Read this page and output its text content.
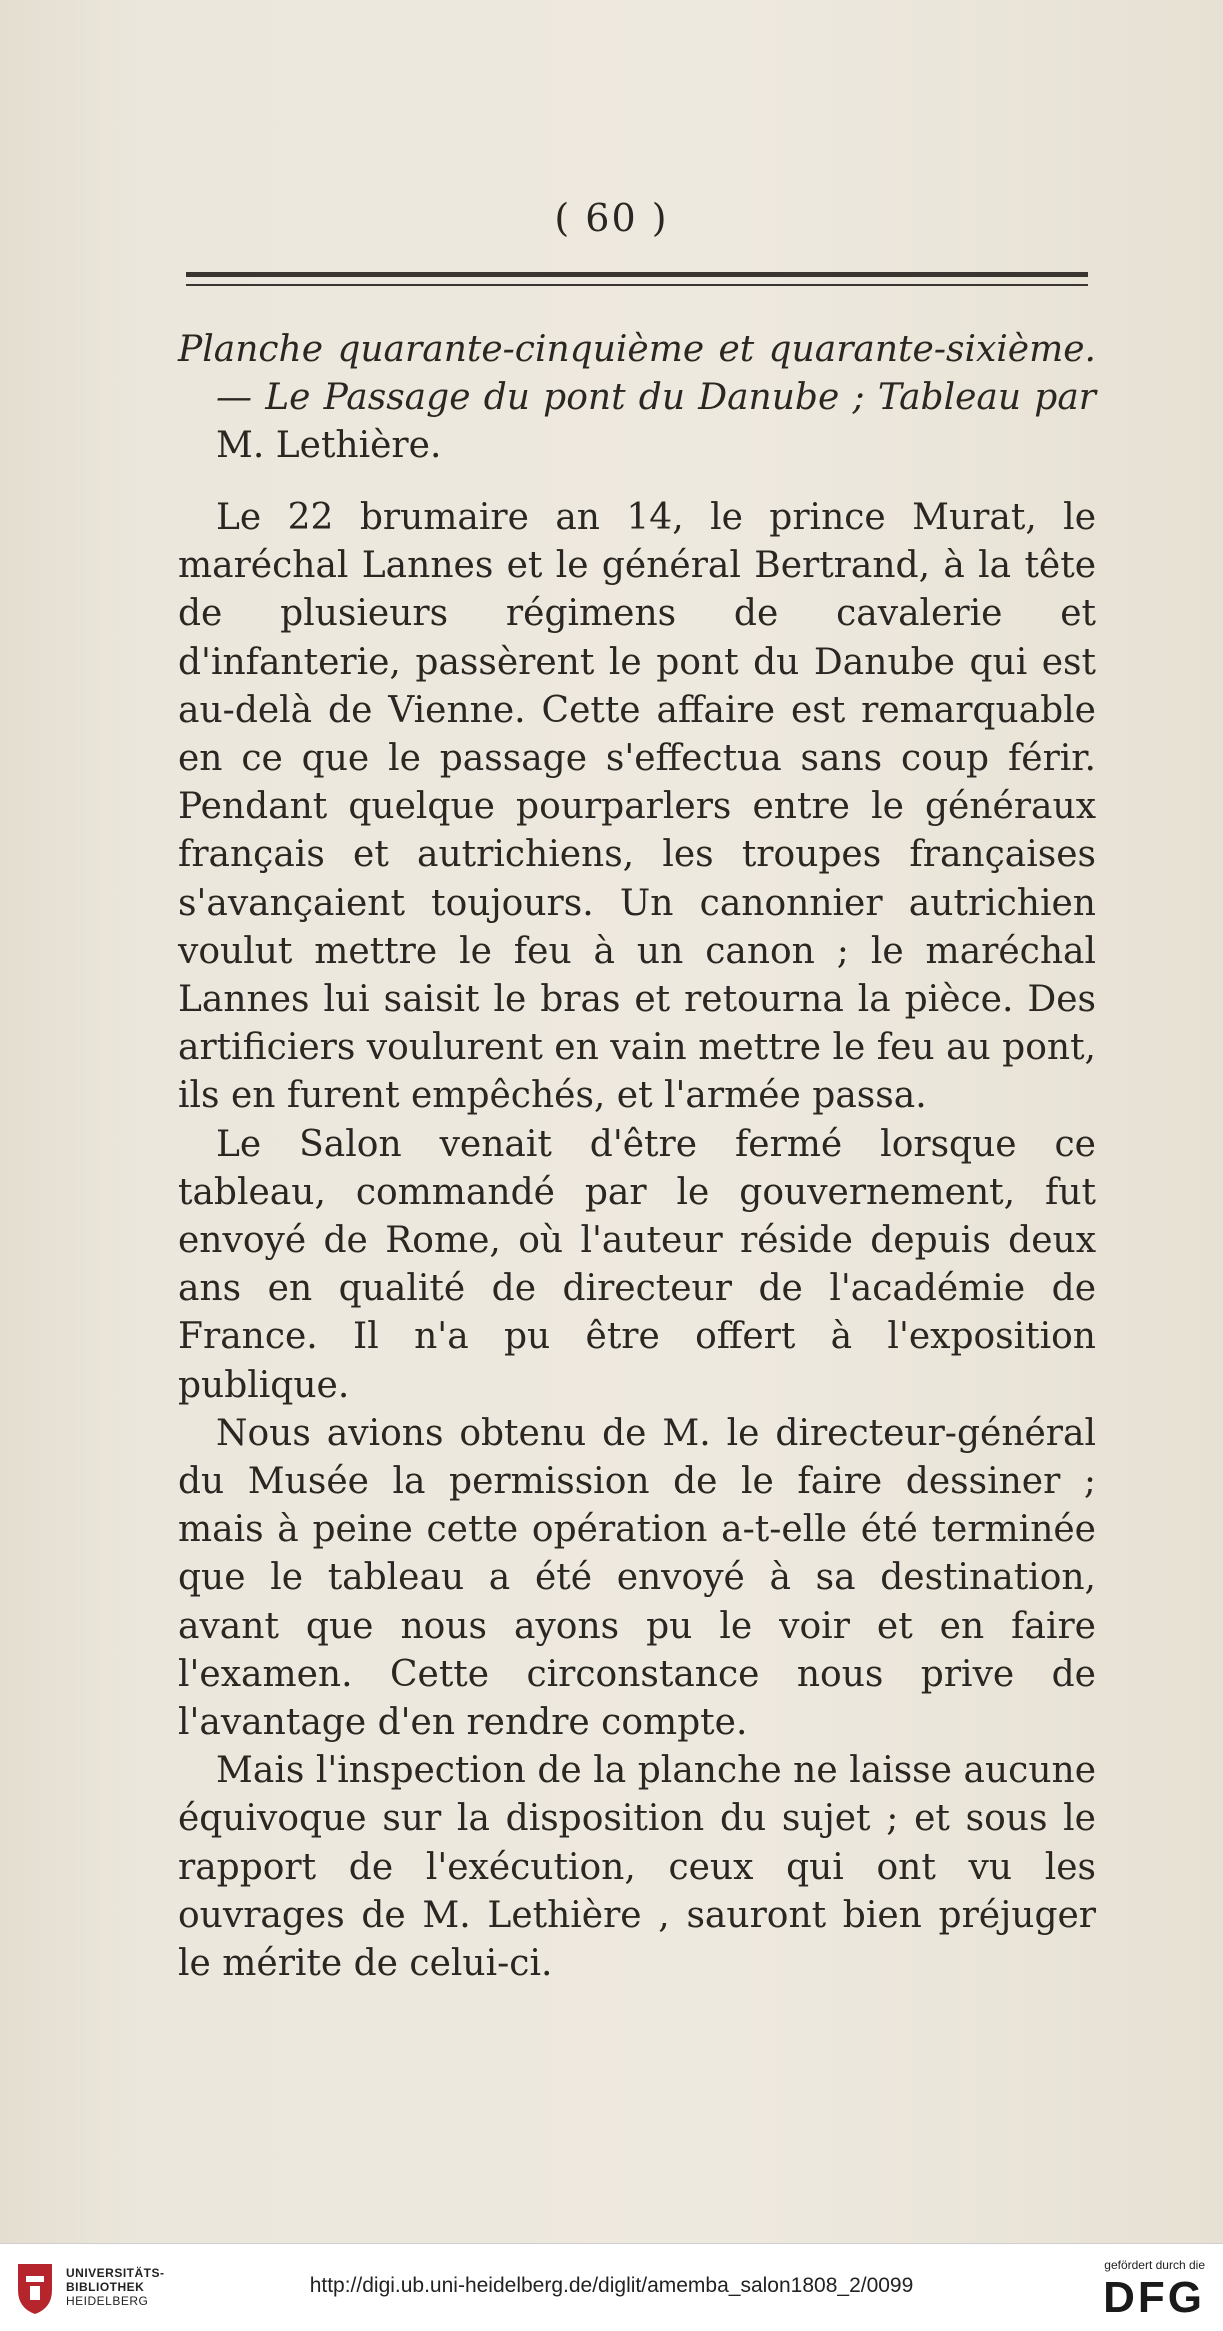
( 60 )
Planche quarante-cinquième et quarante-sixième. — Le Passage du pont du Danube ; Tableau par M. Lethière.

Le 22 brumaire an 14, le prince Murat, le maréchal Lannes et le général Bertrand, à la tête de plusieurs régimens de cavalerie et d'infanterie, passèrent le pont du Danube qui est au-delà de Vienne. Cette affaire est remarquable en ce que le passage s'effectua sans coup férir. Pendant quelque pourparlers entre le généraux français et autrichiens, les troupes françaises s'avançaient toujours. Un canonnier autrichien voulut mettre le feu à un canon ; le maréchal Lannes lui saisit le bras et retourna la pièce. Des artificiers voulurent en vain mettre le feu au pont, ils en furent empêchés, et l'armée passa.

Le Salon venait d'être fermé lorsque ce tableau, commandé par le gouvernement, fut envoyé de Rome, où l'auteur réside depuis deux ans en qualité de directeur de l'académie de France. Il n'a pu être offert à l'exposition publique.

Nous avions obtenu de M. le directeur-général du Musée la permission de le faire dessiner ; mais à peine cette opération a-t-elle été terminée que le tableau a été envoyé à sa destination, avant que nous ayons pu le voir et en faire l'examen. Cette circonstance nous prive de l'avantage d'en rendre compte.

Mais l'inspection de la planche ne laisse aucune équivoque sur la disposition du sujet ; et sous le rapport de l'exécution, ceux qui ont vu les ouvrages de M. Lethière , sauront bien préjuger le mérite de celui-ci.

UNIVERSITÄTS-
BIBLIOTHEK
HEIDELBERG
http://digi.ub.uni-heidelberg.de/diglit/amemba_salon1808_2/0099
gefördert durch die
DFG
